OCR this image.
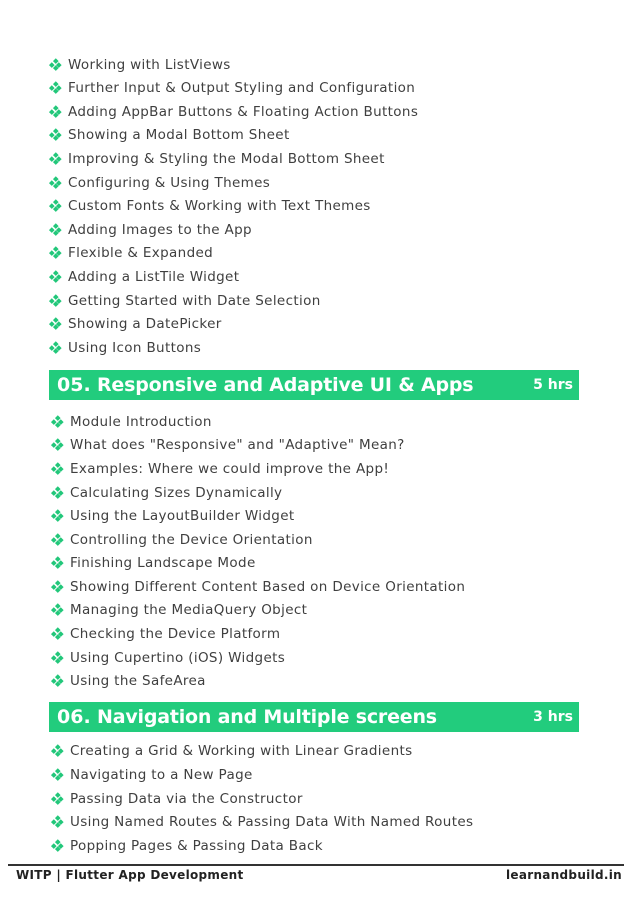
Working with ListViews
Further Input & Output Styling and Configuration
Adding AppBar Buttons & Floating Action Buttons
Showing a Modal Bottom Sheet
Improving & Styling the Modal Bottom Sheet
Configuring & Using Themes
Custom Fonts & Working with Text Themes
Adding Images to the App
Flexible & Expanded
Adding a ListTile Widget
Getting Started with Date Selection
Showing a DatePicker
Using Icon Buttons
05. Responsive and Adaptive UI & Apps	5 hrs
Module Introduction
What does "Responsive" and "Adaptive" Mean?
Examples: Where we could improve the App!
Calculating Sizes Dynamically
Using the LayoutBuilder Widget
Controlling the Device Orientation
Finishing Landscape Mode
Showing Different Content Based on Device Orientation
Managing the MediaQuery Object
Checking the Device Platform
Using Cupertino (iOS) Widgets
Using the SafeArea
06. Navigation and Multiple screens	3 hrs
Creating a Grid & Working with Linear Gradients
Navigating to a New Page
Passing Data via the Constructor
Using Named Routes & Passing Data With Named Routes
Popping Pages & Passing Data Back
WITP | Flutter App Development	learnandbuild.in
